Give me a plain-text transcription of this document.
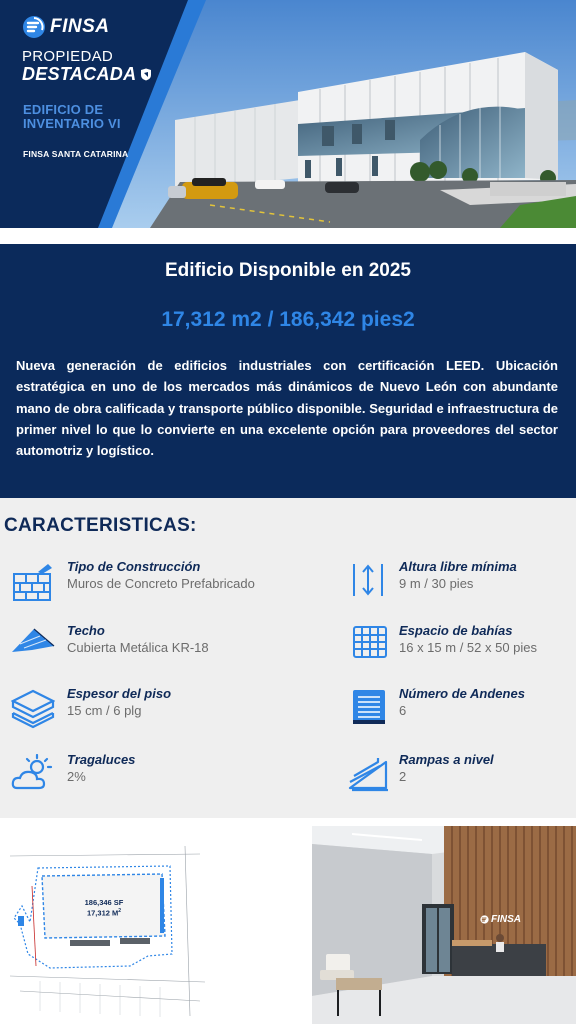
FINSA
PROPIEDAD
DESTACADA
EDIFICIO DE
INVENTARIO VI
FINSA SANTA CATARINA
Edificio Disponible en 2025
17,312 m2 / 186,342 pies2
Nueva generación de edificios industriales con certificación LEED. Ubicación estratégica en uno de los mercados más dinámicos de Nuevo León con abundante mano de obra calificada y transporte público disponible. Seguridad e infraestructura de primer nivel lo que lo convierte en una excelente opción para proveedores del sector automotriz y logístico.
CARACTERISTICAS:
Tipo de Construcción
Muros de Concreto Prefabricado
Altura libre mínima
9 m / 30 pies
Techo
Cubierta Metálica KR-18
Espacio de bahías
16 x 15 m / 52 x 50 pies
Espesor del piso
15 cm / 6 plg
Número de Andenes
6
Tragaluces
2%
Rampas a nivel
2
186,346 SF
17,312 $M^2$
FINSA
